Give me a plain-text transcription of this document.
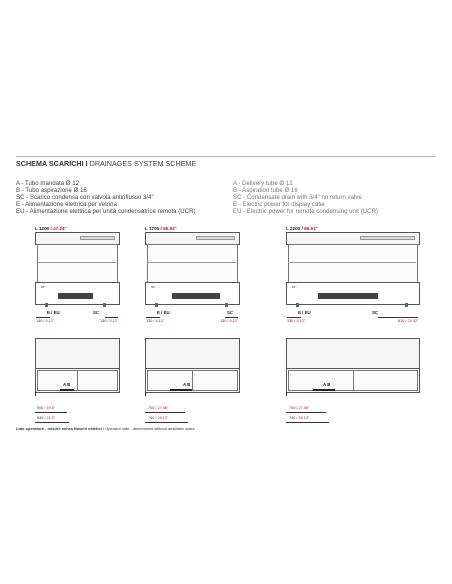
SCHEMA SCARICHI I DRAINAGES SYSTEM SCHEME
A - Tubo mandata Ø 12
B - Tubo aspirazione Ø 16
SC - Scarico condensa con valvola antiriflusso 3/4"
E - Alimentazione elettrica per vetrina
EU - Alimentazione elettrica per unità condensatrice remota (UCR)
A - Delivery tube Ø 12
B - Aspiration tube Ø 16
SC - Condensate drain with 3/4" no return valve
E - Electric power for display case
EU - Electric power for remote condensing unit (UCR)
L 1200 / 47.24"
88°
E / EU	SC
130 / 5.12"	130 / 5.12"
A B
500 / 19.6"
540 / 21.3"
L 1700 / 66.93"
88°
E / EU	SC
130 / 5.12"	130 / 5.12"
A B
700 / 27.56"
740 / 29.13"
L 2200 / 86.61"
88°
E / EU	SC
130 / 5.12"	610 / 24.02"
A B
700 / 27.56"
740 / 29.13"
Lato operatore - misure senza fianchi estetici I Operator side - dimensions without aesthetic sides
